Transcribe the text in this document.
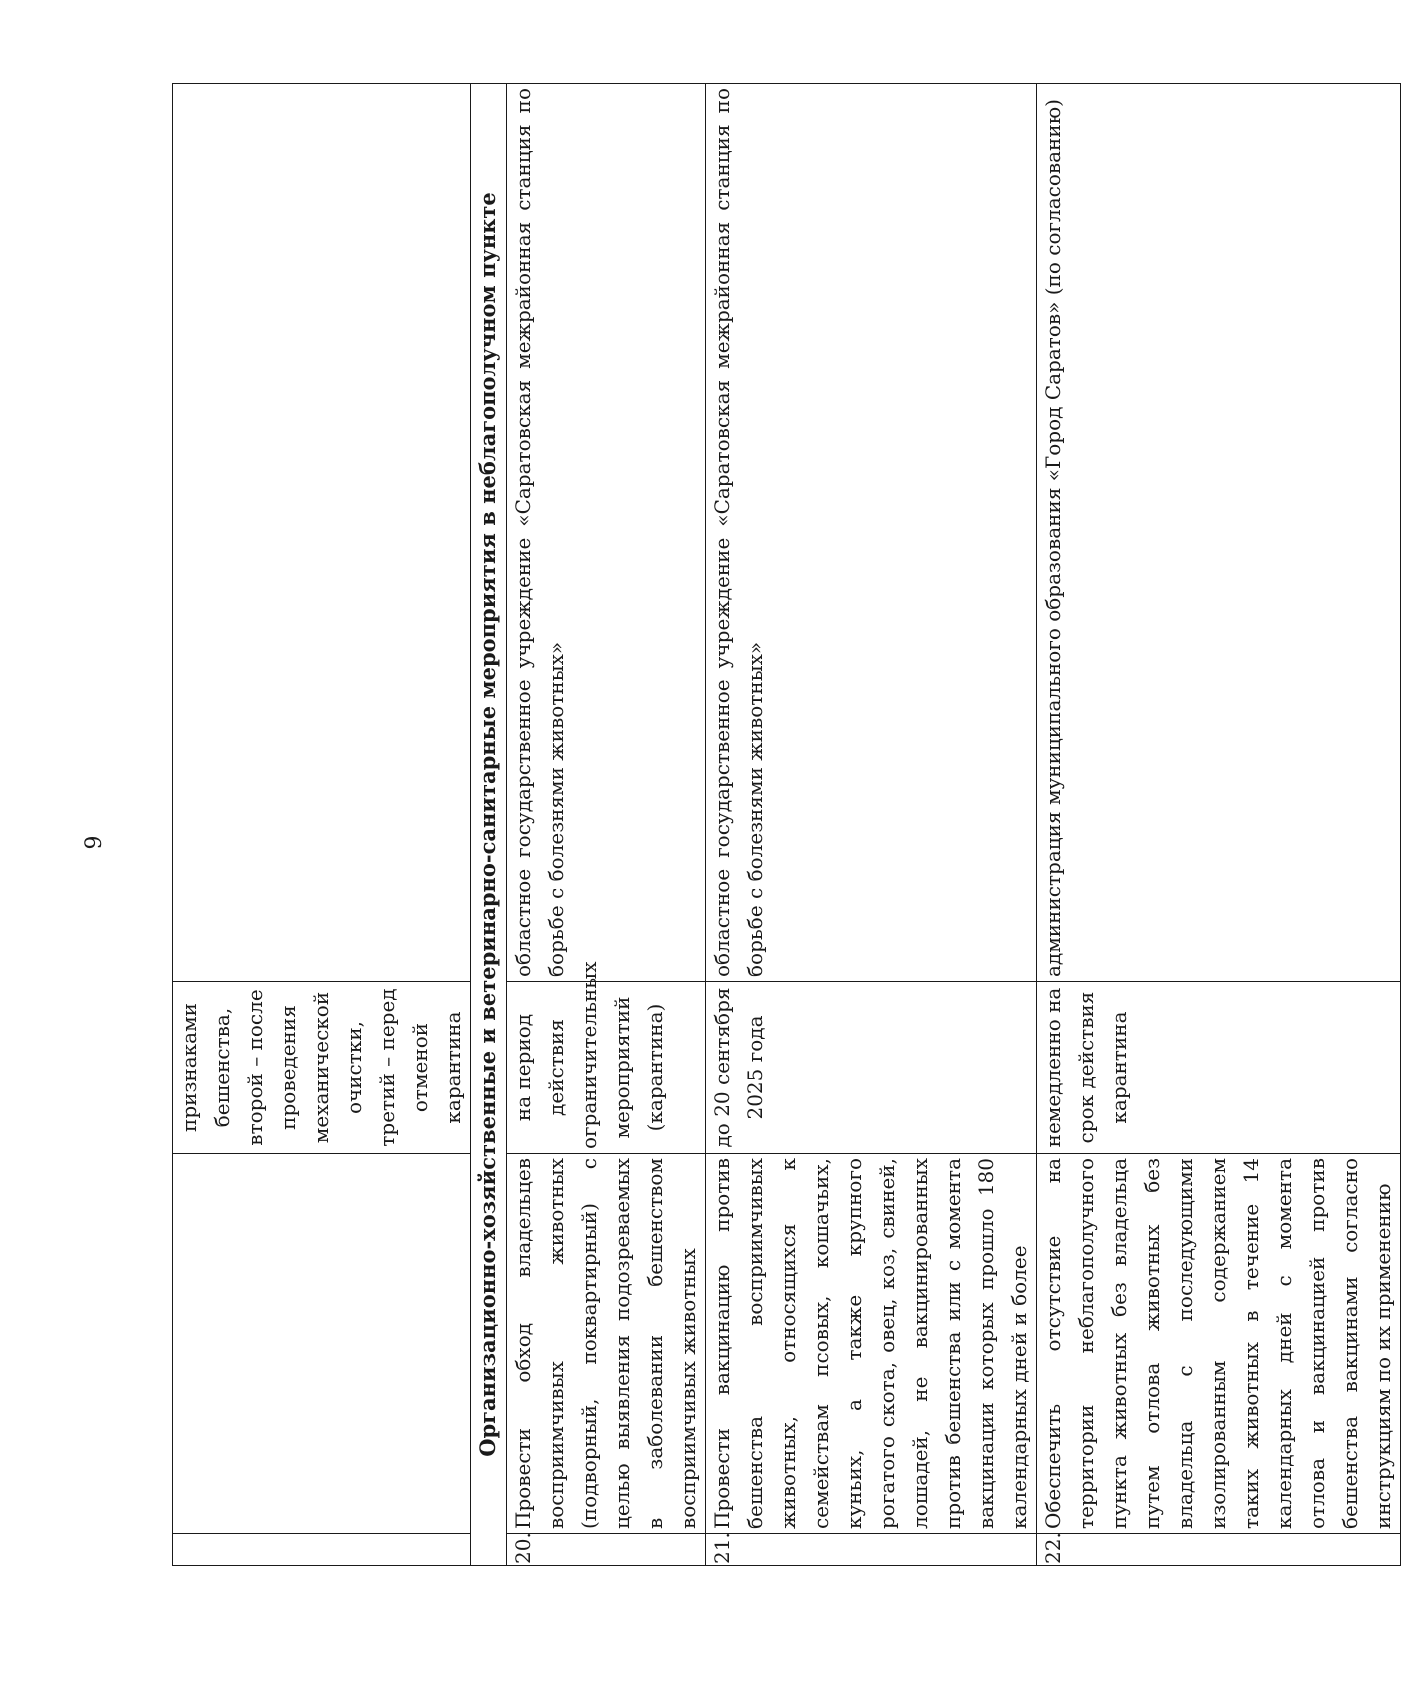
6
		признаками бешенства, второй – после проведения механической очистки, третий – перед отменой карантина	
Организационно-хозяйственные и ветеринарно-санитарные мероприятия в неблагополучном пункте			
20.	Провести обход владельцев восприимчивых животных (подворный, поквартирный) с целью выявления подозреваемых в заболевании бешенством восприимчивых животных	на период действия ограничительных мероприятий (карантина)	областное государственное учреждение «Саратовская межрайонная станция по борьбе с болезнями животных»
21.	Провести вакцинацию против бешенства восприимчивых животных, относящихся к семействам псовых, кошачьих, куньих, а также крупного рогатого скота, овец, коз, свиней, лошадей, не вакцинированных против бешенства или с момента вакцинации которых прошло 180 календарных дней и более	до 20 сентября 2025 года	областное государственное учреждение «Саратовская межрайонная станция по борьбе с болезнями животных»
22.	Обеспечить отсутствие на территории неблагополучного пункта животных без владельца путем отлова животных без владельца с последующими изолированным содержанием таких животных в течение 14 календарных дней с момента отлова и вакцинацией против бешенства вакцинами согласно инструкциям по их применению	немедленно на срок действия карантина	администрация муниципального образования «Город Саратов» (по согласованию)
